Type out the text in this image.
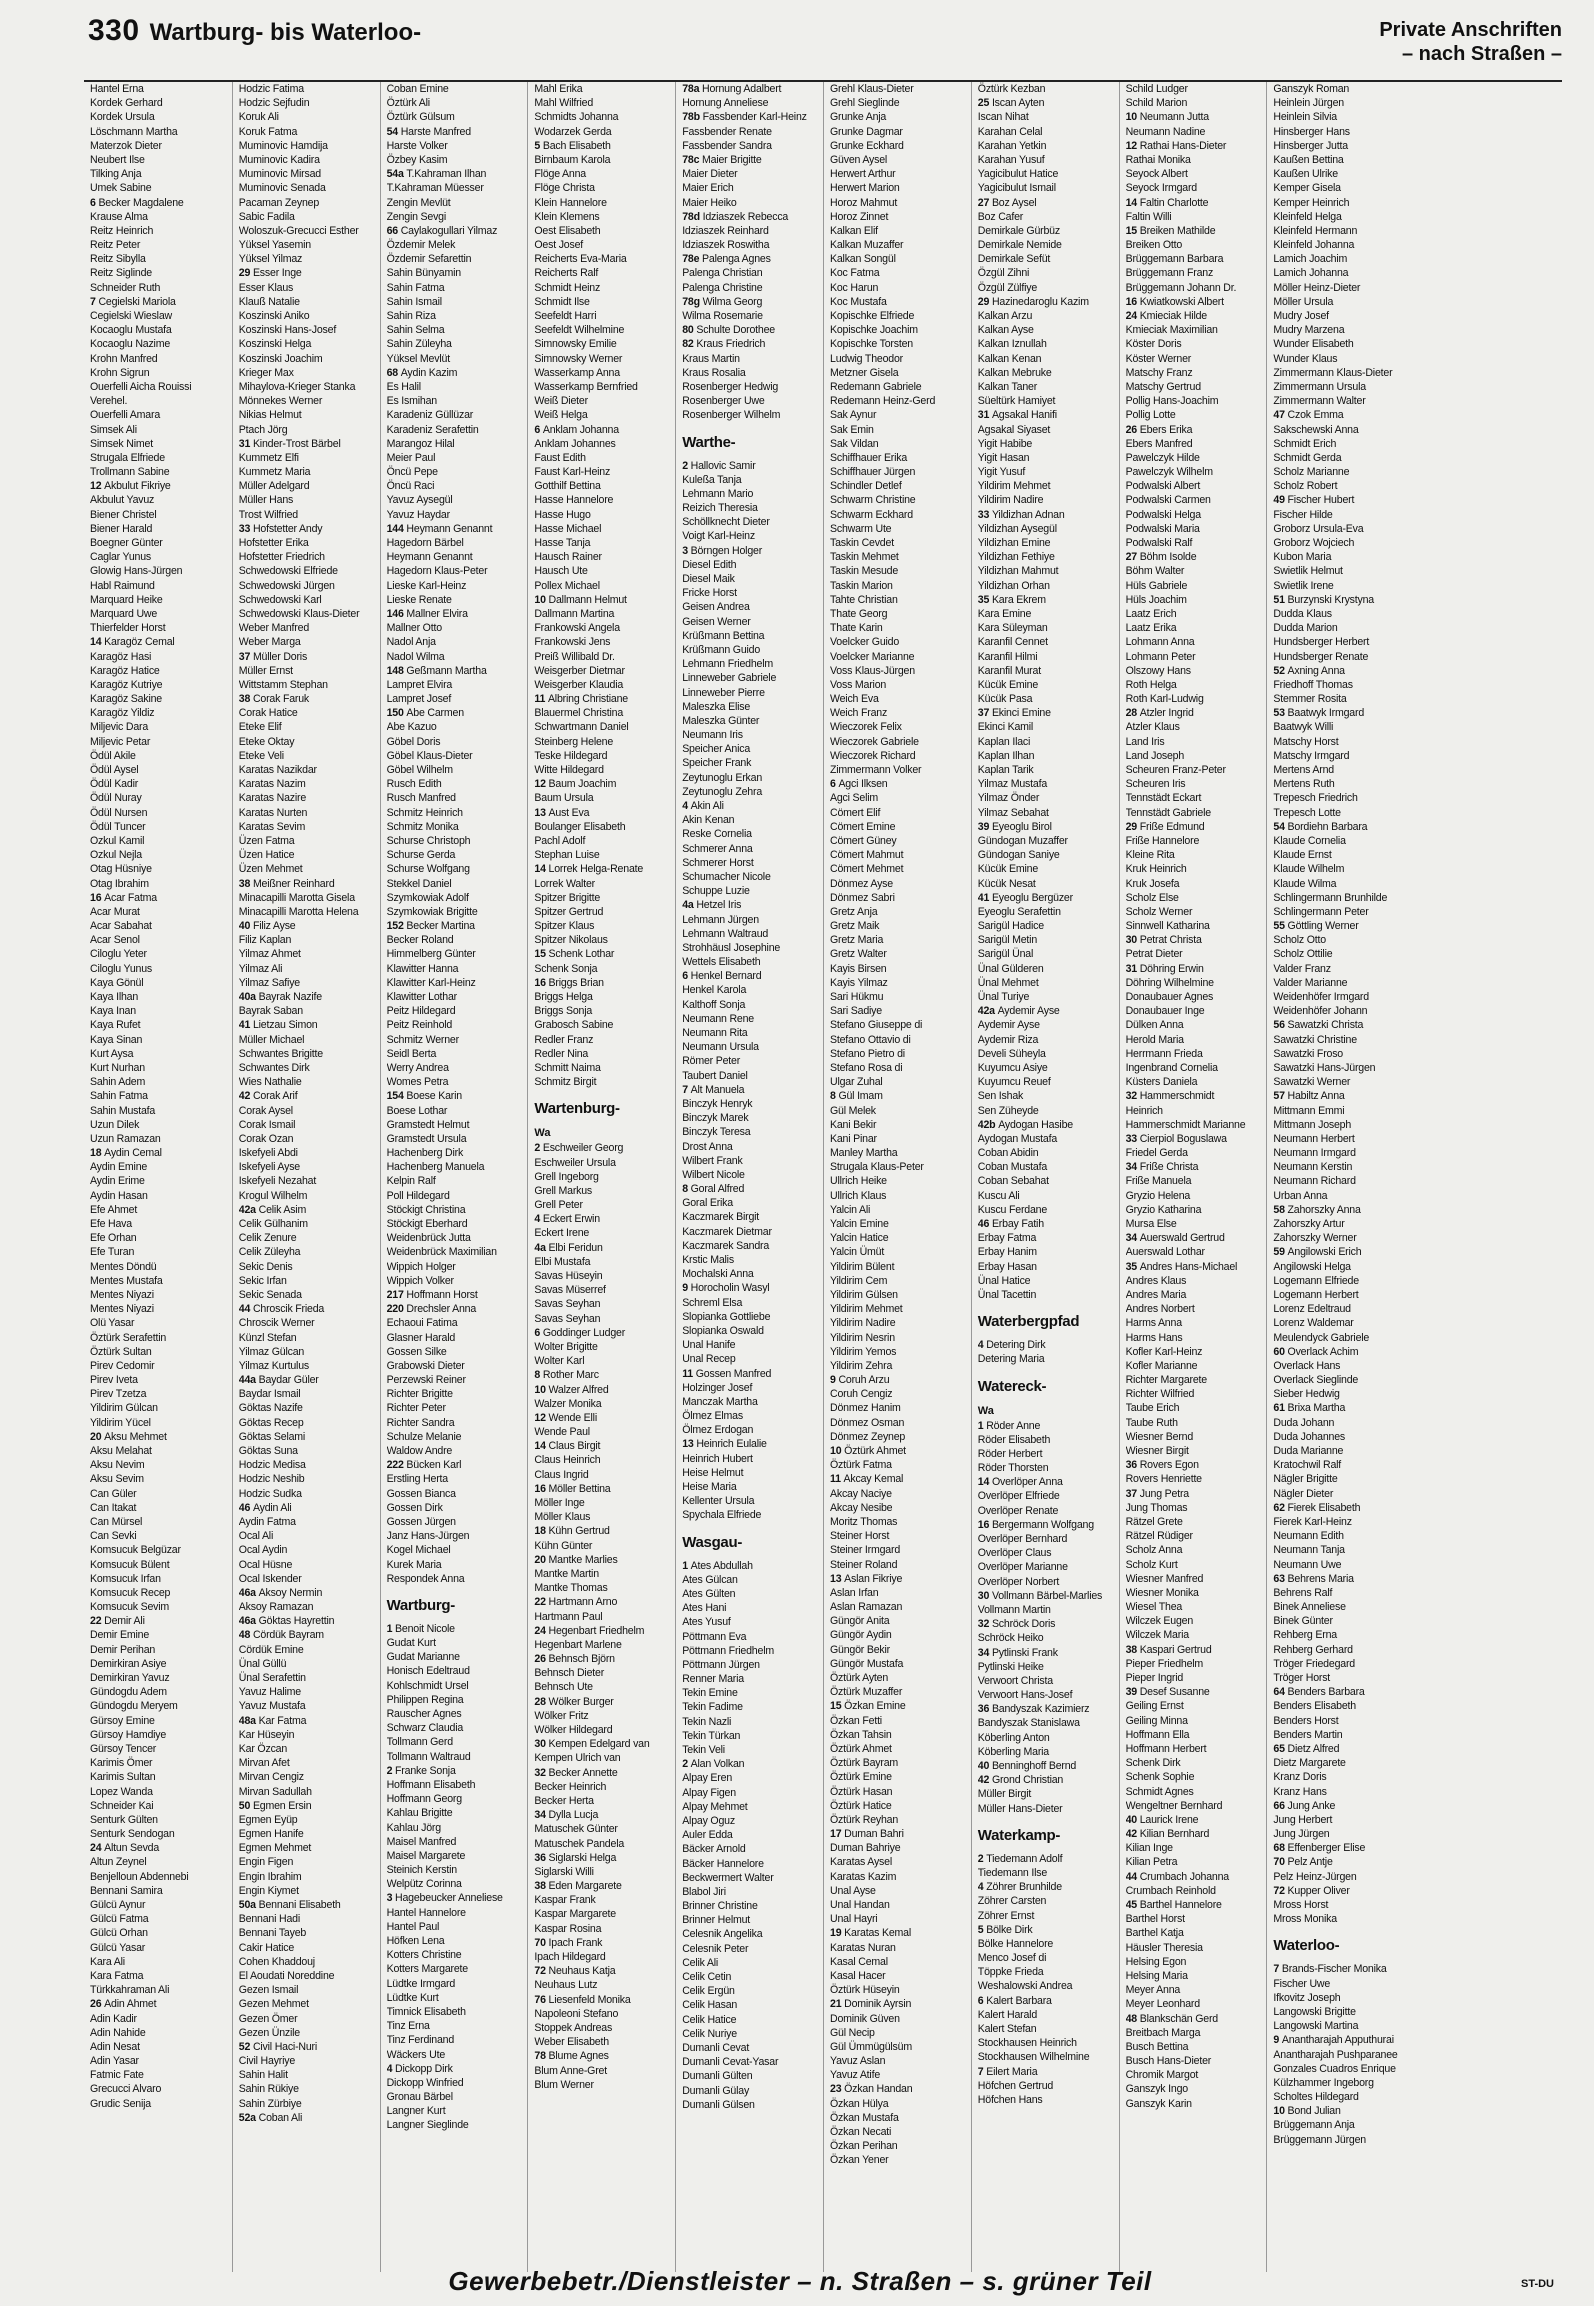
330 Wartburg- bis Waterloo-	Private Anschriften
– nach Straßen –
Hantel Erna
Kordek Gerhard
Kordek Ursula
Löschmann Martha
Materzok Dieter
Neubert Ilse
Tilking Anja
Umek Sabine
6 Becker Magdalene
Krause Alma
Reitz Heinrich
Reitz Peter
Reitz Sibylla
Reitz Siglinde
Schneider Ruth
7 Cegielski Mariola
Cegielski Wieslaw
Kocaoglu Mustafa
Kocaoglu Nazime
Krohn Manfred
Krohn Sigrun
Ouerfelli Aicha Rouissi
Verehel.
Ouerfelli Amara
Simsek Ali
Simsek Nimet
Strugala Elfriede
Trollmann Sabine
12 Akbulut Fikriye
Akbulut Yavuz
Biener Christel
Biener Harald
Boegner Günter
Caglar Yunus
Glowig Hans-Jürgen
Habl Raimund
Marquard Heike
Marquard Uwe
Thierfelder Horst
14 Karagöz Cemal
Karagöz Hasi
Karagöz Hatice
Karagöz Kutriye
Karagöz Sakine
Karagöz Yildiz
Miljevic Dara
Miljevic Petar
Ödül Akile
Ödül Aysel
Ödül Kadir
Ödül Nuray
Ödül Nursen
Ödül Tuncer
Ozkul Kamil
Ozkul Nejla
Otag Hüsniye
Otag Ibrahim
16 Acar Fatma
Acar Murat
Acar Sabahat
Acar Senol
Ciloglu Yeter
Ciloglu Yunus
Kaya Gönül
Kaya Ilhan
Kaya Inan
Kaya Rufet
Kaya Sinan
Kurt Aysa
Kurt Nurhan
Sahin Adem
Sahin Fatma
Sahin Mustafa
Uzun Dilek
Uzun Ramazan
18 Aydin Cemal
Aydin Emine
Aydin Erime
Aydin Hasan
Efe Ahmet
Efe Hava
Efe Orhan
Efe Turan
Mentes Döndü
Mentes Mustafa
Mentes Niyazi
Mentes Niyazi
Olü Yasar
Öztürk Serafettin
Öztürk Sultan
Pirev Cedomir
Pirev Iveta
Pirev Tzetza
Yildirim Gülcan
Yildirim Yücel
20 Aksu Mehmet
Aksu Melahat
Aksu Nevim
Aksu Sevim
Can Güler
Can Itakat
Can Mürsel
Can Sevki
Komsucuk Belgüzar
Komsucuk Bülent
Komsucuk Irfan
Komsucuk Recep
Komsucuk Sevim
22 Demir Ali
Demir Emine
Demir Perihan
Demirkiran Asiye
Demirkiran Yavuz
Gündogdu Adem
Gündogdu Meryem
Gürsoy Emine
Gürsoy Hamdiye
Gürsoy Tencer
Karimis Ömer
Karimis Sultan
Lopez Wanda
Schneider Kai
Senturk Gülten
Senturk Sendogan
24 Altun Sevda
Altun Zeynel
Benjelloun Abdennebi
Bennani Samira
Gülcü Aynur
Gülcü Fatma
Gülcü Orhan
Gülcü Yasar
Kara Ali
Kara Fatma
Türkkahraman Ali
26 Adin Ahmet
Adin Kadir
Adin Nahide
Adin Nesat
Adin Yasar
Fatmic Fate
Grecucci Alvaro
Grudic Senija
Hodzic Fatima
Hodzic Sejfudin
Koruk Ali
Koruk Fatma
Muminovic Hamdija
Muminovic Kadira
Muminovic Mirsad
Muminovic Senada
Pacaman Zeynep
Sabic Fadila
Woloszuk-Grecucci Esther
Yüksel Yasemin
Yüksel Yilmaz
29 Esser Inge
Esser Klaus
Klauß Natalie
Koszinski Aniko
Koszinski Hans-Josef
Koszinski Helga
Koszinski Joachim
Krieger Max
Mihaylova-Krieger Stanka
Mönnekes Werner
Nikias Helmut
Ptach Jörg
31 Kinder-Trost Bärbel
Kummetz Elfi
Kummetz Maria
Müller Adelgard
Müller Hans
Trost Wilfried
33 Hofstetter Andy
Hofstetter Erika
Hofstetter Friedrich
Schwedowski Elfriede
Schwedowski Jürgen
Schwedowski Karl
Schwedowski Klaus-Dieter
Weber Manfred
Weber Marga
37 Müller Doris
Müller Ernst
Wittstamm Stephan
38 Corak Faruk
Corak Hatice
Eteke Elif
Eteke Oktay
Eteke Veli
Karatas Nazikdar
Karatas Nazim
Karatas Nazire
Karatas Nurten
Karatas Sevim
Üzen Fatma
Üzen Hatice
Üzen Mehmet
38 Meißner Reinhard
Minacapilli Marotta Gisela
Minacapilli Marotta Helena
40 Filiz Ayse
Filiz Kaplan
Yilmaz Ahmet
Yilmaz Ali
Yilmaz Safiye
40a Bayrak Nazife
Bayrak Saban
41 Lietzau Simon
Müller Michael
Schwantes Brigitte
Schwantes Dirk
Wies Nathalie
42 Corak Arif
Corak Aysel
Corak Ismail
Corak Ozan
Iskefyeli Abdi
Iskefyeli Ayse
Iskefyeli Nezahat
Krogul Wilhelm
42a Celik Asim
Celik Gülhanim
Celik Zenure
Celik Züleyha
Sekic Denis
Sekic Irfan
Sekic Senada
44 Chroscik Frieda
Chroscik Werner
Künzl Stefan
Yilmaz Gülcan
Yilmaz Kurtulus
44a Baydar Güler
Baydar Ismail
Göktas Nazife
Göktas Recep
Göktas Selami
Göktas Suna
Hodzic Medisa
Hodzic Neshib
Hodzic Sudka
46 Aydin Ali
Aydin Fatma
Ocal Ali
Ocal Aydin
Ocal Hüsne
Ocal Iskender
46a Aksoy Nermin
Aksoy Ramazan
46a Göktas Hayrettin
48 Cördük Bayram
Cördük Emine
Ünal Güllü
Ünal Serafettin
Yavuz Halime
Yavuz Mustafa
48a Kar Fatma
Kar Hüseyin
Kar Özcan
Mirvan Afet
Mirvan Cengiz
Mirvan Sadullah
50 Egmen Ersin
Egmen Eyüp
Egmen Hanife
Egmen Mehmet
Engin Figen
Engin Ibrahim
Engin Kiymet
50a Bennani Elisabeth
Bennani Hadi
Bennani Tayeb
Cakir Hatice
Cohen Khaddouj
El Aoudati Noreddine
Gezen Ismail
Gezen Mehmet
Gezen Ömer
Gezen Ünzile
52 Civil Haci-Nuri
Civil Hayriye
Sahin Halit
Sahin Rükiye
Sahin Zürbiye
52a Coban Ali
Coban Emine
Öztürk Ali
Öztürk Gülsum
54 Harste Manfred
Harste Volker
Özbey Kasim
54a T.Kahraman Ilhan
T.Kahraman Müesser
Zengin Mevlüt
Zengin Sevgi
66 Caylakogullari Yilmaz
Özdemir Melek
Özdemir Sefarettin
Sahin Bünyamin
Sahin Fatma
Sahin Ismail
Sahin Riza
Sahin Selma
Sahin Züleyha
Yüksel Mevlüt
68 Aydin Kazim
Es Halil
Es Ismihan
Karadeniz Güllüzar
Karadeniz Serafettin
Marangoz Hilal
Meier Paul
Öncü Pepe
Öncü Raci
Yavuz Aysegül
Yavuz Haydar
144 Heymann Genannt
Hagedorn Bärbel
Heymann Genannt
Hagedorn Klaus-Peter
Lieske Karl-Heinz
Lieske Renate
146 Mallner Elvira
Mallner Otto
Nadol Anja
Nadol Wilma
148 Geßmann Martha
Lampret Elvira
Lampret Josef
150 Abe Carmen
Abe Kazuo
Göbel Doris
Göbel Klaus-Dieter
Göbel Wilhelm
Rusch Edith
Rusch Manfred
Schmitz Heinrich
Schmitz Monika
Schurse Christoph
Schurse Gerda
Schurse Wolfgang
Stekkel Daniel
Szymkowiak Adolf
Szymkowiak Brigitte
152 Becker Martina
Becker Roland
Himmelberg Günter
Klawitter Hanna
Klawitter Karl-Heinz
Klawitter Lothar
Peitz Hildegard
Peitz Reinhold
Schmitz Werner
Seidl Berta
Werry Andrea
Womes Petra
154 Boese Karin
Boese Lothar
Gramstedt Helmut
Gramstedt Ursula
Hachenberg Dirk
Hachenberg Manuela
Kelpin Ralf
Poll Hildegard
Stöckigt Christina
Stöckigt Eberhard
Weidenbrück Jutta
Weidenbrück Maximilian
Wippich Holger
Wippich Volker
217 Hoffmann Horst
220 Drechsler Anna
Echaoui Fatima
Glasner Harald
Gossen Silke
Grabowski Dieter
Perzewski Reiner
Richter Brigitte
Richter Peter
Richter Sandra
Schulze Melanie
Waldow Andre
222 Bücken Karl
Erstling Herta
Gossen Bianca
Gossen Dirk
Gossen Jürgen
Janz Hans-Jürgen
Kogel Michael
Kurek Maria
Respondek Anna
Wartburg-
1 Benoit Nicole
Gudat Kurt
Gudat Marianne
Honisch Edeltraud
Kohlschmidt Ursel
Philippen Regina
Rauscher Agnes
Schwarz Claudia
Tollmann Gerd
Tollmann Waltraud
2 Franke Sonja
Hoffmann Elisabeth
Hoffmann Georg
Kahlau Brigitte
Kahlau Jörg
Maisel Manfred
Maisel Margarete
Steinich Kerstin
Welpütz Corinna
3 Hagebeucker Anneliese
Hantel Hannelore
Hantel Paul
Höfken Lena
Kotters Christine
Kotters Margarete
Lüdtke Irmgard
Lüdtke Kurt
Timnick Elisabeth
Tinz Erna
Tinz Ferdinand
Wäckers Ute
4 Dickopp Dirk
Dickopp Winfried
Gronau Bärbel
Langner Kurt
Langner Sieglinde
Mahl Erika
Mahl Wilfried
Schmidts Johanna
Wodarzek Gerda
5 Bach Elisabeth
Birnbaum Karola
Flöge Anna
Flöge Christa
Klein Hannelore
Klein Klemens
Oest Elisabeth
Oest Josef
Reicherts Eva-Maria
Reicherts Ralf
Schmidt Heinz
Schmidt Ilse
Seefeldt Harri
Seefeldt Wilhelmine
Simnowsky Emilie
Simnowsky Werner
Wasserkamp Anna
Wasserkamp Bernfried
Weiß Dieter
Weiß Helga
6 Anklam Johanna
Anklam Johannes
Faust Edith
Faust Karl-Heinz
Gotthilf Bettina
Hasse Hannelore
Hasse Hugo
Hasse Michael
Hasse Tanja
Hausch Rainer
Hausch Ute
Pollex Michael
10 Dallmann Helmut
Dallmann Martina
Frankowski Angela
Frankowski Jens
Preiß Willibald Dr.
Weisgerber Dietmar
Weisgerber Klaudia
11 Albring Christiane
Blauermel Christina
Schwartmann Daniel
Steinberg Helene
Teske Hildegard
Witte Hildegard
12 Baum Joachim
Baum Ursula
13 Aust Eva
Boulanger Elisabeth
Pachl Adolf
Stephan Luise
14 Lorrek Helga-Renate
Lorrek Walter
Spitzer Brigitte
Spitzer Gertrud
Spitzer Klaus
Spitzer Nikolaus
15 Schenk Lothar
Schenk Sonja
16 Briggs Brian
Briggs Helga
Briggs Sonja
Grabosch Sabine
Redler Franz
Redler Nina
Schmitt Naima
Schmitz Birgit
Wartenburg-
Wa
2 Eschweiler Georg
Eschweiler Ursula
Grell Ingeborg
Grell Markus
Grell Peter
4 Eckert Erwin
Eckert Irene
4a Elbi Feridun
Elbi Mustafa
Savas Hüseyin
Savas Müserref
Savas Seyhan
Savas Seyhan
6 Goddinger Ludger
Wolter Brigitte
Wolter Karl
8 Rother Marc
10 Walzer Alfred
Walzer Monika
12 Wende Elli
Wende Paul
14 Claus Birgit
Claus Heinrich
Claus Ingrid
16 Möller Bettina
Möller Inge
Möller Klaus
18 Kühn Gertrud
Kühn Günter
20 Mantke Marlies
Mantke Martin
Mantke Thomas
22 Hartmann Arno
Hartmann Paul
24 Hegenbart Friedhelm
Hegenbart Marlene
26 Behnsch Björn
Behnsch Dieter
Behnsch Ute
28 Wölker Burger
Wölker Fritz
Wölker Hildegard
30 Kempen Edelgard van
Kempen Ulrich van
32 Becker Annette
Becker Heinrich
Becker Herta
34 Dylla Lucja
Matuschek Günter
Matuschek Pandela
36 Siglarski Helga
Siglarski Willi
38 Eden Margarete
Kaspar Frank
Kaspar Margarete
Kaspar Rosina
70 Ipach Frank
Ipach Hildegard
72 Neuhaus Katja
Neuhaus Lutz
76 Liesenfeld Monika
Napoleoni Stefano
Stoppek Andreas
Weber Elisabeth
78 Blume Agnes
Blum Anne-Gret
Blum Werner
78a Hornung Adalbert
Hornung Anneliese
78b Fassbender Karl-Heinz
Fassbender Renate
Fassbender Sandra
78c Maier Brigitte
Maier Dieter
Maier Erich
Maier Heiko
78d Idziaszek Rebecca
Idziaszek Reinhard
Idziaszek Roswitha
78e Palenga Agnes
Palenga Christian
Palenga Christine
78g Wilma Georg
Wilma Rosemarie
80 Schulte Dorothee
82 Kraus Friedrich
Kraus Martin
Kraus Rosalia
Rosenberger Hedwig
Rosenberger Uwe
Rosenberger Wilhelm
Warthe-
2 Hallovic Samir
Kuleßa Tanja
Lehmann Mario
Reizich Theresia
Schöllknecht Dieter
Voigt Karl-Heinz
3 Börngen Holger
Diesel Edith
Diesel Maik
Fricke Horst
Geisen Andrea
Geisen Werner
Krüßmann Bettina
Krüßmann Guido
Lehmann Friedhelm
Linneweber Gabriele
Linneweber Pierre
Maleszka Elise
Maleszka Günter
Neumann Iris
Speicher Anica
Speicher Frank
Zeytunoglu Erkan
Zeytunoglu Zehra
4 Akin Ali
Akin Kenan
Reske Cornelia
Schmerer Anna
Schmerer Horst
Schumacher Nicole
Schuppe Luzie
4a Hetzel Iris
Lehmann Jürgen
Lehmann Waltraud
Strohhäusl Josephine
Wettels Elisabeth
6 Henkel Bernard
Henkel Karola
Kalthoff Sonja
Neumann Rene
Neumann Rita
Neumann Ursula
Römer Peter
Taubert Daniel
7 Alt Manuela
Binczyk Henryk
Binczyk Marek
Binczyk Teresa
Drost Anna
Wilbert Frank
Wilbert Nicole
8 Goral Alfred
Goral Erika
Kaczmarek Birgit
Kaczmarek Dietmar
Kaczmarek Sandra
Krstic Malis
Mochalski Anna
9 Horocholin Wasyl
Schreml Elsa
Slopianka Gottliebe
Slopianka Oswald
Unal Hanife
Unal Recep
11 Gossen Manfred
Holzinger Josef
Manczak Martha
Ölmez Elmas
Ölmez Erdogan
13 Heinrich Eulalie
Heinrich Hubert
Heise Helmut
Heise Maria
Kellenter Ursula
Spychala Elfriede
Wasgau-
1 Ates Abdullah
Ates Gülcan
Ates Gülten
Ates Hani
Ates Yusuf
Pöttmann Eva
Pöttmann Friedhelm
Pöttmann Jürgen
Renner Maria
Tekin Emine
Tekin Fadime
Tekin Nazli
Tekin Türkan
Tekin Veli
2 Alan Volkan
Alpay Eren
Alpay Figen
Alpay Mehmet
Alpay Oguz
Auler Edda
Bäcker Arnold
Bäcker Hannelore
Beckwermert Walter
Blabol Jiri
Brinner Christine
Brinner Helmut
Celesnik Angelika
Celesnik Peter
Celik Ali
Celik Cetin
Celik Ergün
Celik Hasan
Celik Hatice
Celik Nuriye
Dumanli Cevat
Dumanli Cevat-Yasar
Dumanli Gülten
Dumanli Gülay
Dumanli Gülsen
Grehl Klaus-Dieter
Grehl Sieglinde
Grunke Anja
Grunke Dagmar
Grunke Eckhard
Güven Aysel
Herwert Arthur
Herwert Marion
Horoz Mahmut
Horoz Zinnet
Kalkan Elif
Kalkan Muzaffer
Kalkan Songül
Koc Fatma
Koc Harun
Koc Mustafa
Kopischke Elfriede
Kopischke Joachim
Kopischke Torsten
Ludwig Theodor
Metzner Gisela
Redemann Gabriele
Redemann Heinz-Gerd
Sak Aynur
Sak Emin
Sak Vildan
Schiffhauer Erika
Schiffhauer Jürgen
Schindler Detlef
Schwarm Christine
Schwarm Eckhard
Schwarm Ute
Taskin Cevdet
Taskin Mehmet
Taskin Mesude
Taskin Marion
Tahte Christian
Thate Georg
Thate Karin
Voelcker Guido
Voelcker Marianne
Voss Klaus-Jürgen
Voss Marion
Weich Eva
Weich Franz
Wieczorek Felix
Wieczorek Gabriele
Wieczorek Richard
Zimmermann Volker
6 Agci Ilksen
Agci Selim
Cömert Elif
Cömert Emine
Cömert Güney
Cömert Mahmut
Cömert Mehmet
Dönmez Ayse
Dönmez Sabri
Gretz Anja
Gretz Maik
Gretz Maria
Gretz Walter
Kayis Birsen
Kayis Yilmaz
Sari Hükmu
Sari Sadiye
Stefano Giuseppe di
Stefano Ottavio di
Stefano Pietro di
Stefano Rosa di
Ulgar Zuhal
8 Gül Imam
Gül Melek
Kani Bekir
Kani Pinar
Manley Martha
Strugala Klaus-Peter
Ullrich Heike
Ullrich Klaus
Yalcin Ali
Yalcin Emine
Yalcin Hatice
Yalcin Ümüt
Yildirim Bülent
Yildirim Cem
Yildirim Gülsen
Yildirim Mehmet
Yildirim Nadire
Yildirim Nesrin
Yildirim Yemos
Yildirim Zehra
9 Coruh Arzu
Coruh Cengiz
Dönmez Hanim
Dönmez Osman
Dönmez Zeynep
10 Öztürk Ahmet
Öztürk Fatma
11 Akcay Kemal
Akcay Naciye
Akcay Nesibe
Moritz Thomas
Steiner Horst
Steiner Irmgard
Steiner Roland
13 Aslan Fikriye
Aslan Irfan
Aslan Ramazan
Güngör Anita
Güngör Aydin
Güngör Bekir
Güngör Mustafa
Öztürk Ayten
Öztürk Muzaffer
15 Özkan Emine
Özkan Fetti
Özkan Tahsin
Öztürk Ahmet
Öztürk Bayram
Öztürk Emine
Öztürk Hasan
Öztürk Hatice
Öztürk Reyhan
17 Duman Bahri
Duman Bahriye
Karatas Aysel
Karatas Kazim
Unal Ayse
Unal Handan
Unal Hayri
19 Karatas Kemal
Karatas Nuran
Kasal Cemal
Kasal Hacer
Öztürk Hüseyin
21 Dominik Ayrsin
Dominik Güven
Gül Necip
Gül Ümmügülsüm
Yavuz Aslan
Yavuz Atife
23 Özkan Handan
Özkan Hülya
Özkan Mustafa
Özkan Necati
Özkan Perihan
Özkan Yener
Öztürk Kezban
25 Iscan Ayten
Iscan Nihat
Karahan Celal
Karahan Yetkin
Karahan Yusuf
Yagicibulut Hatice
Yagicibulut Ismail
27 Boz Aysel
Boz Cafer
Demirkale Gürbüz
Demirkale Nemide
Demirkale Sefüt
Özgül Zihni
Özgül Zülfiye
29 Hazinedaroglu Kazim
Kalkan Arzu
Kalkan Ayse
Kalkan Iznullah
Kalkan Kenan
Kalkan Mebruke
Kalkan Taner
Süeltürk Hamiyet
31 Agsakal Hanifi
Agsakal Siyaset
Yigit Habibe
Yigit Hasan
Yigit Yusuf
Yildirim Mehmet
Yildirim Nadire
33 Yildizhan Adnan
Yildizhan Aysegül
Yildizhan Emine
Yildizhan Fethiye
Yildizhan Mahmut
Yildizhan Orhan
35 Kara Ekrem
Kara Emine
Kara Süleyman
Karanfil Cennet
Karanfil Hilmi
Karanfil Murat
Kücük Emine
Kücük Pasa
37 Ekinci Emine
Ekinci Kamil
Kaplan Ilaci
Kaplan Ilhan
Kaplan Tarik
Yilmaz Mustafa
Yilmaz Önder
Yilmaz Sebahat
39 Eyeoglu Birol
Gündogan Muzaffer
Gündogan Saniye
Kücük Emine
Kücük Nesat
41 Eyeoglu Bergüzer
Eyeoglu Serafettin
Sarigül Hadice
Sarigül Metin
Sarigül Ünal
Ünal Gülderen
Ünal Mehmet
Ünal Turiye
42a Aydemir Ayse
Aydemir Ayse
Aydemir Riza
Develi Süheyla
Kuyumcu Asiye
Kuyumcu Reuef
Sen Ishak
Sen Züheyde
42b Aydogan Hasibe
Aydogan Mustafa
Coban Abidin
Coban Mustafa
Coban Sebahat
Kuscu Ali
Kuscu Ferdane
46 Erbay Fatih
Erbay Fatma
Erbay Hanim
Erbay Hasan
Ünal Hatice
Ünal Tacettin
Waterbergpfad
4 Detering Dirk
Detering Maria
Watereck-
Wa
1 Röder Anne
Röder Elisabeth
Röder Herbert
Röder Thorsten
14 Overlöper Anna
Overlöper Elfriede
Overlöper Renate
16 Bergermann Wolfgang
Overlöper Bernhard
Overlöper Claus
Overlöper Marianne
Overlöper Norbert
30 Vollmann Bärbel-Marlies
Vollmann Martin
32 Schröck Doris
Schröck Heiko
34 Pytlinski Frank
Pytlinski Heike
Verwoort Christa
Verwoort Hans-Josef
36 Bandyszak Kazimierz
Bandyszak Stanislawa
Köberling Anton
Köberling Maria
40 Benninghoff Bernd
42 Grond Christian
Müller Birgit
Müller Hans-Dieter
Waterkamp-
2 Tiedemann Adolf
Tiedemann Ilse
4 Zöhrer Brunhilde
Zöhrer Carsten
Zöhrer Ernst
5 Bölke Dirk
Bölke Hannelore
Menco Josef di
Töppke Frieda
Weshalowski Andrea
6 Kalert Barbara
Kalert Harald
Kalert Stefan
Stockhausen Heinrich
Stockhausen Wilhelmine
7 Eilert Maria
Höfchen Gertrud
Höfchen Hans
Schild Ludger
Schild Marion
10 Neumann Jutta
Neumann Nadine
12 Rathai Hans-Dieter
Rathai Monika
Seyock Albert
Seyock Irmgard
14 Faltin Charlotte
Faltin Willi
15 Breiken Mathilde
Breiken Otto
Brüggemann Barbara
Brüggemann Franz
Brüggemann Johann Dr.
16 Kwiatkowski Albert
24 Kmieciak Hilde
Kmieciak Maximilian
Köster Doris
Köster Werner
Matschy Franz
Matschy Gertrud
Pollig Hans-Joachim
Pollig Lotte
26 Ebers Erika
Ebers Manfred
Pawelczyk Hilde
Pawelczyk Wilhelm
Podwalski Albert
Podwalski Carmen
Podwalski Helga
Podwalski Maria
Podwalski Ralf
27 Böhm Isolde
Böhm Walter
Hüls Gabriele
Hüls Joachim
Laatz Erich
Laatz Erika
Lohmann Anna
Lohmann Peter
Olszowy Hans
Roth Helga
Roth Karl-Ludwig
28 Atzler Ingrid
Atzler Klaus
Land Iris
Land Joseph
Scheuren Franz-Peter
Scheuren Iris
Tennstädt Eckart
Tennstädt Gabriele
29 Friße Edmund
Friße Hannelore
Kleine Rita
Kruk Heinrich
Kruk Josefa
Scholz Else
Scholz Werner
Sinnwell Katharina
30 Petrat Christa
Petrat Dieter
31 Döhring Erwin
Döhring Wilhelmine
Donaubauer Agnes
Donaubauer Inge
Dülken Anna
Herold Maria
Herrmann Frieda
Ingenbrand Cornelia
Küsters Daniela
32 Hammerschmidt
Heinrich
Hammerschmidt Marianne
33 Cierpiol Boguslawa
Friedel Gerda
34 Friße Christa
Friße Manuela
Gryzio Helena
Gryzio Katharina
Mursa Else
34 Auerswald Gertrud
Auerswald Lothar
35 Andres Hans-Michael
Andres Klaus
Andres Maria
Andres Norbert
Harms Anna
Harms Hans
Kofler Karl-Heinz
Kofler Marianne
Richter Margarete
Richter Wilfried
Taube Erich
Taube Ruth
Wiesner Bernd
Wiesner Birgit
36 Rovers Egon
Rovers Henriette
37 Jung Petra
Jung Thomas
Rätzel Grete
Rätzel Rüdiger
Scholz Anna
Scholz Kurt
Wiesner Manfred
Wiesner Monika
Wiesel Thea
Wilczek Eugen
Wilczek Maria
38 Kaspari Gertrud
Pieper Friedhelm
Pieper Ingrid
39 Desef Susanne
Geiling Ernst
Geiling Minna
Hoffmann Ella
Hoffmann Herbert
Schenk Dirk
Schenk Sophie
Schmidt Agnes
Wengeltner Bernhard
40 Laurick Irene
42 Kilian Bernhard
Kilian Inge
Kilian Petra
44 Crumbach Johanna
Crumbach Reinhold
45 Barthel Hannelore
Barthel Horst
Barthel Katja
Häusler Theresia
Helsing Egon
Helsing Maria
Meyer Anna
Meyer Leonhard
48 Blankschän Gerd
Breitbach Marga
Busch Bettina
Busch Hans-Dieter
Chromik Margot
Ganszyk Ingo
Ganszyk Karin
Ganszyk Roman
Heinlein Jürgen
Heinlein Silvia
Hinsberger Hans
Hinsberger Jutta
Kaußen Bettina
Kaußen Ulrike
Kemper Gisela
Kemper Heinrich
Kleinfeld Helga
Kleinfeld Hermann
Kleinfeld Johanna
Lamich Joachim
Lamich Johanna
Möller Heinz-Dieter
Möller Ursula
Mudry Josef
Mudry Marzena
Wunder Elisabeth
Wunder Klaus
Zimmermann Klaus-Dieter
Zimmermann Ursula
Zimmermann Walter
47 Czok Emma
Sakschewski Anna
Schmidt Erich
Schmidt Gerda
Scholz Marianne
Scholz Robert
49 Fischer Hubert
Fischer Hilde
Groborz Ursula-Eva
Groborz Wojciech
Kubon Maria
Swietlik Helmut
Swietlik Irene
51 Burzynski Krystyna
Dudda Klaus
Dudda Marion
Hundsberger Herbert
Hundsberger Renate
52 Axning Anna
Friedhoff Thomas
Stemmer Rosita
53 Baatwyk Irmgard
Baatwyk Willi
Matschy Horst
Matschy Irmgard
Mertens Arnd
Mertens Ruth
Trepesch Friedrich
Trepesch Lotte
54 Bordiehn Barbara
Klaude Cornelia
Klaude Ernst
Klaude Wilhelm
Klaude Wilma
Schlingermann Brunhilde
Schlingermann Peter
55 Göttling Werner
Scholz Otto
Scholz Ottilie
Valder Franz
Valder Marianne
Weidenhöfer Irmgard
Weidenhöfer Johann
56 Sawatzki Christa
Sawatzki Christine
Sawatzki Froso
Sawatzki Hans-Jürgen
Sawatzki Werner
57 Habiltz Anna
Mittmann Emmi
Mittmann Joseph
Neumann Herbert
Neumann Irmgard
Neumann Kerstin
Neumann Richard
Urban Anna
58 Zahorszky Anna
Zahorszky Artur
Zahorszky Werner
59 Angilowski Erich
Angilowski Helga
Logemann Elfriede
Logemann Herbert
Lorenz Edeltraud
Lorenz Waldemar
Meulendyck Gabriele
60 Overlack Achim
Overlack Hans
Overlack Sieglinde
Sieber Hedwig
61 Brixa Martha
Duda Johann
Duda Johannes
Duda Marianne
Kratochwil Ralf
Nägler Brigitte
Nägler Dieter
62 Fierek Elisabeth
Fierek Karl-Heinz
Neumann Edith
Neumann Tanja
Neumann Uwe
63 Behrens Maria
Behrens Ralf
Binek Anneliese
Binek Günter
Rehberg Erna
Rehberg Gerhard
Tröger Friedegard
Tröger Horst
64 Benders Barbara
Benders Elisabeth
Benders Horst
Benders Martin
65 Dietz Alfred
Dietz Margarete
Kranz Doris
Kranz Hans
66 Jung Anke
Jung Herbert
Jung Jürgen
68 Effenberger Elise
70 Pelz Antje
Pelz Heinz-Jürgen
72 Kupper Oliver
Mross Horst
Mross Monika
Waterloo-
7 Brands-Fischer Monika
Fischer Uwe
Ifkovitz Joseph
Langowski Brigitte
Langowski Martina
9 Anantharajah Apputhurai
Anantharajah Pushparanee
Gonzales Cuadros Enrique
Külzhammer Ingeborg
Scholtes Hildegard
10 Bond Julian
Brüggemann Anja
Brüggemann Jürgen
Gewerbebetr./Dienstleister – n. Straßen – s. grüner Teil	ST-DU
